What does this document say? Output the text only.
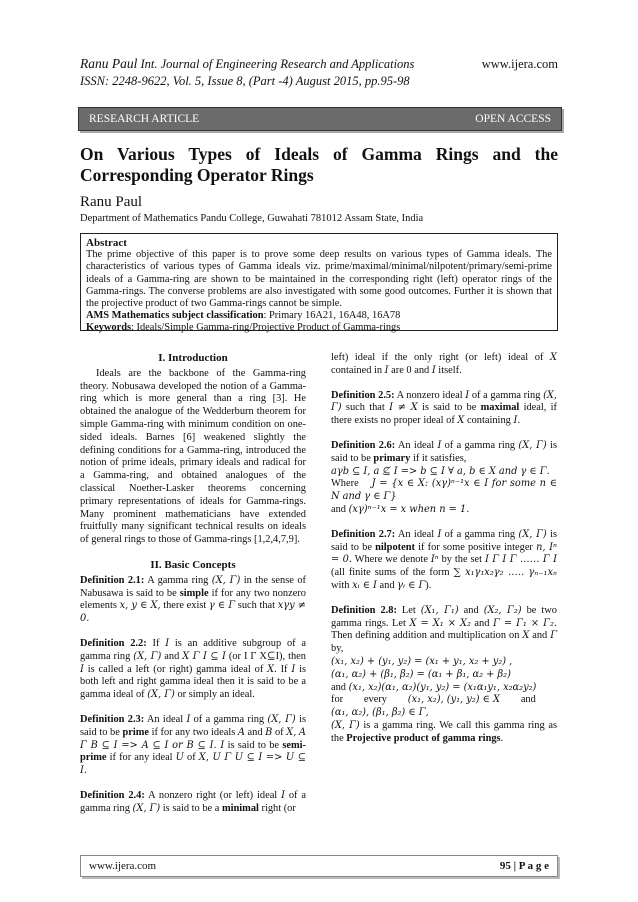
Ranu Paul Int. Journal of Engineering Research and Applications	www.ijera.com
ISSN: 2248-9622, Vol. 5, Issue 8, (Part -4) August 2015, pp.95-98
RESEARCH ARTICLE	OPEN ACCESS
On Various Types of Ideals of Gamma Rings and the
Corresponding Operator Rings
Ranu Paul
Department of Mathematics Pandu College, Guwahati 781012 Assam State, India
Abstract
The prime objective of this paper is to prove some deep results on various types of Gamma ideals. The characteristics of various types of Gamma ideals viz. prime/maximal/minimal/nilpotent/primary/semi-prime ideals of a Gamma-ring are shown to be maintained in the corresponding right (left) operator rings of the Gamma-rings. The converse problems are also investigated with some good outcomes. Further it is shown that the projective product of two Gamma-rings cannot be simple.
AMS Mathematics subject classification: Primary 16A21, 16A48, 16A78
Keywords: Ideals/Simple Gamma-ring/Projective Product of Gamma-rings
I. Introduction

Ideals are the backbone of the Gamma-ring theory. Nobusawa developed the notion of a Gamma-ring which is more general than a ring [3]. He obtained the analogue of the Wedderburn theorem for simple Gamma-ring with minimum condition on one-sided ideals. Barnes [6] weakened slightly the defining conditions for a Gamma-ring, introduced the notion of prime ideals, primary ideals and radical for a Gamma-ring, and obtained analogues of the classical Noether-Lasker theorems concerning primary representations of ideals for Gamma-rings. Many prominent mathematicians have extended fruitfully many significant technical results on ideals of general rings to those of Gamma-rings [1,2,4,7,9].

II. Basic Concepts

Definition 2.1: A gamma ring (X, Γ) in the sense of Nabusawa is said to be simple if for any two nonzero elements x, y ∈ X, there exist γ ∈ Γ such that xγy ≠ 0.

Definition 2.2: If I is an additive subgroup of a gamma ring (X, Γ) and X Γ I ⊆ I (or I Γ X⊆I), then I is called a left (or right) gamma ideal of X. If I is both left and right gamma ideal then it is said to be a gamma ideal of (X, Γ) or simply an ideal.

Definition 2.3: An ideal I of a gamma ring (X, Γ) is said to be prime if for any two ideals A and B of X, A Γ B ⊆ I => A ⊆ I or B ⊆ I. I is said to be semi-prime if for any ideal U of X, U Γ U ⊆ I => U ⊆ I.

Definition 2.4: A nonzero right (or left) ideal I of a gamma ring (X, Γ) is said to be a minimal right (or

left) ideal if the only right (or left) ideal of X contained in I are 0 and I itself.

Definition 2.5: A nonzero ideal I of a gamma ring (X, Γ) such that I ≠ X is said to be maximal ideal, if there exists no proper ideal of X containing I.

Definition 2.6: An ideal I of a gamma ring (X, Γ) is said to be primary if it satisfies,
aγb ⊆ I, a ⊈ I => b ⊆ I ∀ a, b ∈ X and γ ∈ Γ.
Where J = {x ∈ X: (xγ)ⁿ⁻¹x ∈ I for some n ∈ N and γ ∈ Γ}
and (xγ)ⁿ⁻¹x = x when n = 1.

Definition 2.7: An ideal I of a gamma ring (X, Γ) is said to be nilpotent if for some positive integer n, Iⁿ = 0. Where we denote Iⁿ by the set I Γ I Γ …… Γ I (all finite sums of the form ∑ x₁γ₁x₂γ₂ ….. γₙ₋₁xₙ with xᵢ ∈ I and γᵢ ∈ Γ).

Definition 2.8: Let (X₁, Γ₁) and (X₂, Γ₂) be two gamma rings. Let X = X₁ × X₂ and Γ = Γ₁ × Γ₂. Then defining addition and multiplication on X and Γ by,
(x₁, x₂) + (y₁, y₂) = (x₁ + y₁, x₂ + y₂) ,
(α₁, α₂) + (β₁, β₂) = (α₁ + β₁, α₂ + β₂)
and (x₁, x₂)(α₁, α₂)(y₁, y₂) = (x₁α₁y₁, x₂α₂y₂)
for        every        (x₁, x₂), (y₁, y₂) ∈ X        and
(α₁, α₂), (β₁, β₂) ∈ Γ,
(X, Γ) is a gamma ring. We call this gamma ring as the Projective product of gamma rings.
www.ijera.com	95 | P a g e
